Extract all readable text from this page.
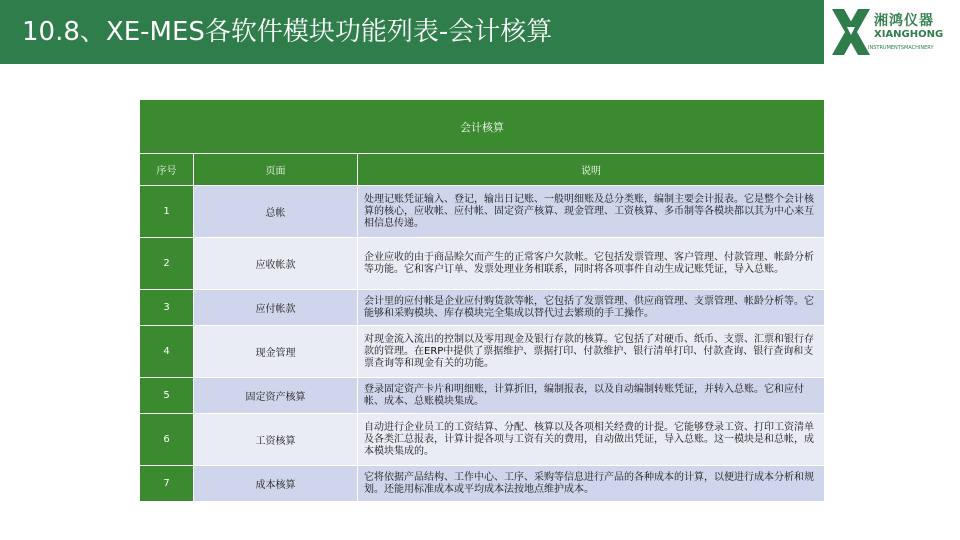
10.8、XE-MES各软件模块功能列表-会计核算	湘鸿仪器
XIANGHONG
INSTRUMENTSMACHINERY
会计核算		
序号	页面	说明
1	总帐	处理记账凭证输入、登记，输出日记账、一般明细账及总分类账，编制主要会计报表。它是整个会计核算的核心，应收帐、应付帐、固定资产核算、现金管理、工资核算、多币制等各模块都以其为中心来互相信息传递。
2	应收帐款	企业应收的由于商品赊欠而产生的正常客户欠款帐。它包括发票管理、客户管理、付款管理、帐龄分析等功能。它和客户订单、发票处理业务相联系，同时将各项事件自动生成记账凭证，导入总账。
3	应付帐款	会计里的应付帐是企业应付购货款等帐，它包括了发票管理、供应商管理、支票管理、帐龄分析等。它能够和采购模块、库存模块完全集成以替代过去繁琐的手工操作。
4	现金管理	对现金流入流出的控制以及零用现金及银行存款的核算。它包括了对硬币、纸币、支票、汇票和银行存款的管理。在ERP中提供了票据维护、票据打印、付款维护、银行清单打印、付款查询、银行查询和支票查询等和现金有关的功能。
5	固定资产核算	登录固定资产卡片和明细账，计算折旧，编制报表，以及自动编制转账凭证，并转入总账。它和应付帐、成本、总账模块集成。
6	工资核算	自动进行企业员工的工资结算、分配、核算以及各项相关经费的计提。它能够登录工资、打印工资清单及各类汇总报表，计算计提各项与工资有关的费用，自动做出凭证，导入总账。这一模块是和总帐，成本模块集成的。
7	成本核算	它将依据产品结构、工作中心、工序、采购等信息进行产品的各种成本的计算，以便进行成本分析和规划。还能用标准成本或平均成本法按地点维护成本。
